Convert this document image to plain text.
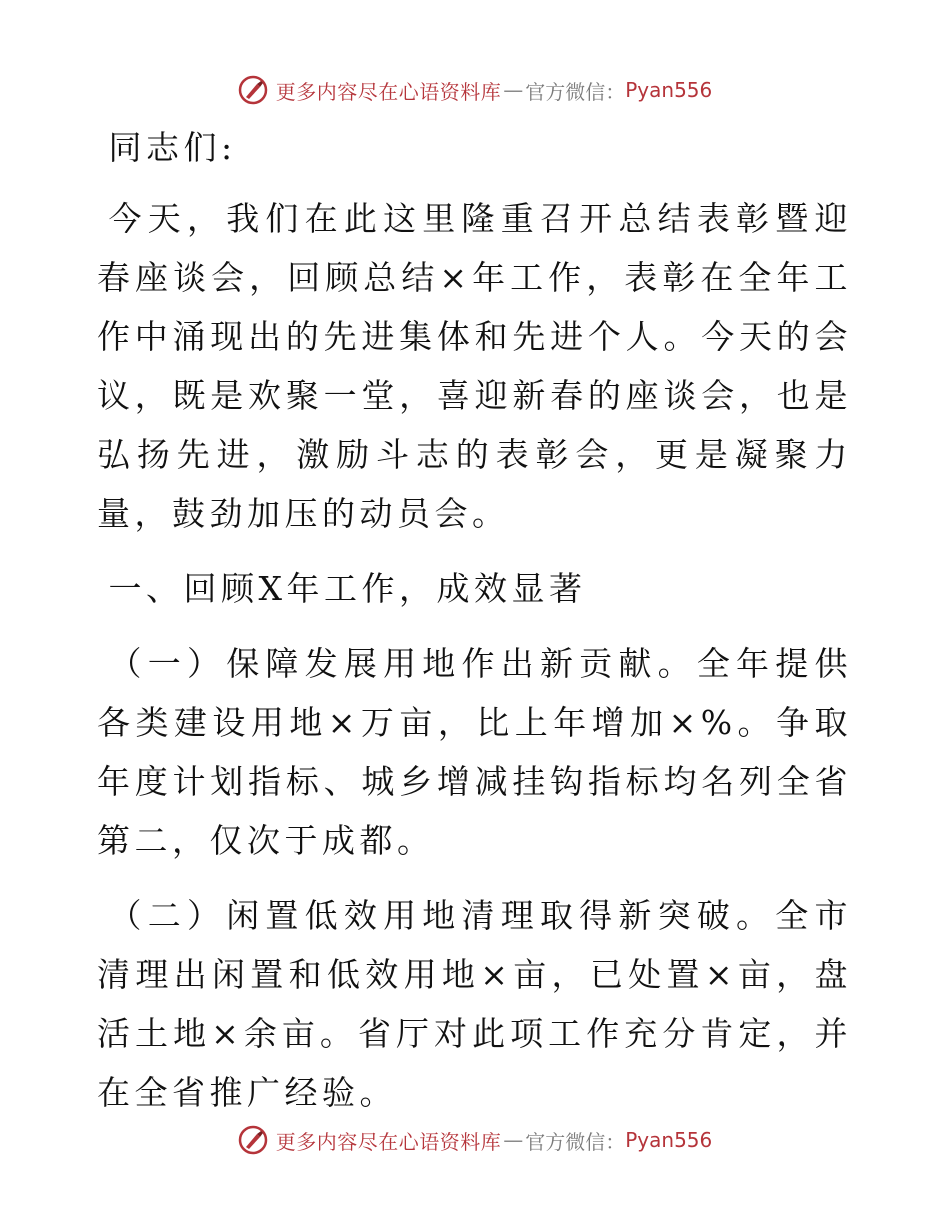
更多内容尽在心语资料库 — 官方微信： Pyan556

同志们:

今天，我们在此这里隆重召开总结表彰暨迎春座谈会，回顾总结×年工作，表彰在全年工作中涌现出的先进集体和先进个人。今天的会议，既是欢聚一堂，喜迎新春的座谈会，也是弘扬先进，激励斗志的表彰会，更是凝聚力量，鼓劲加压的动员会。

一、回顾X年工作，成效显著

（一）保障发展用地作出新贡献。全年提供各类建设用地×万亩，比上年增加×%。争取年度计划指标、城乡增减挂钩指标均名列全省第二，仅次于成都。

（二）闲置低效用地清理取得新突破。全市清理出闲置和低效用地×亩，已处置×亩，盘活土地×余亩。省厅对此项工作充分肯定，并在全省推广经验。

更多内容尽在心语资料库 — 官方微信： Pyan556
